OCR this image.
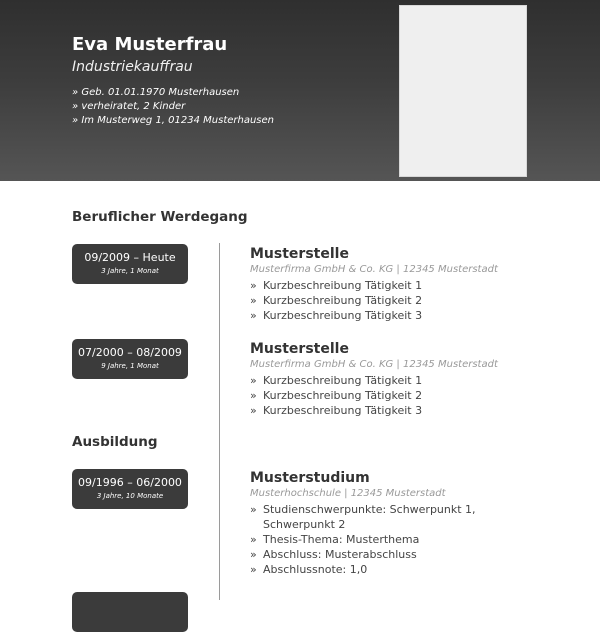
Eva Musterfrau
Industriekauffrau
» Geb. 01.01.1970 Musterhausen
» verheiratet, 2 Kinder
» Im Musterweg 1, 01234 Musterhausen
Beruflicher Werdegang
Ausbildung
09/2009 – Heute
3 Jahre, 1 Monat
Musterstelle
Musterfirma GmbH & Co. KG | 12345 Musterstadt
» Kurzbeschreibung Tätigkeit 1
» Kurzbeschreibung Tätigkeit 2
» Kurzbeschreibung Tätigkeit 3
07/2000 – 08/2009
9 Jahre, 1 Monat
Musterstelle
Musterfirma GmbH & Co. KG | 12345 Musterstadt
» Kurzbeschreibung Tätigkeit 1
» Kurzbeschreibung Tätigkeit 2
» Kurzbeschreibung Tätigkeit 3
09/1996 – 06/2000
3 Jahre, 10 Monate
Musterstudium
Musterhochschule | 12345 Musterstadt
» Studienschwerpunkte: Schwerpunkt 1, Schwerpunkt 2
» Thesis-Thema: Musterthema
» Abschluss: Musterabschluss
» Abschlussnote: 1,0
